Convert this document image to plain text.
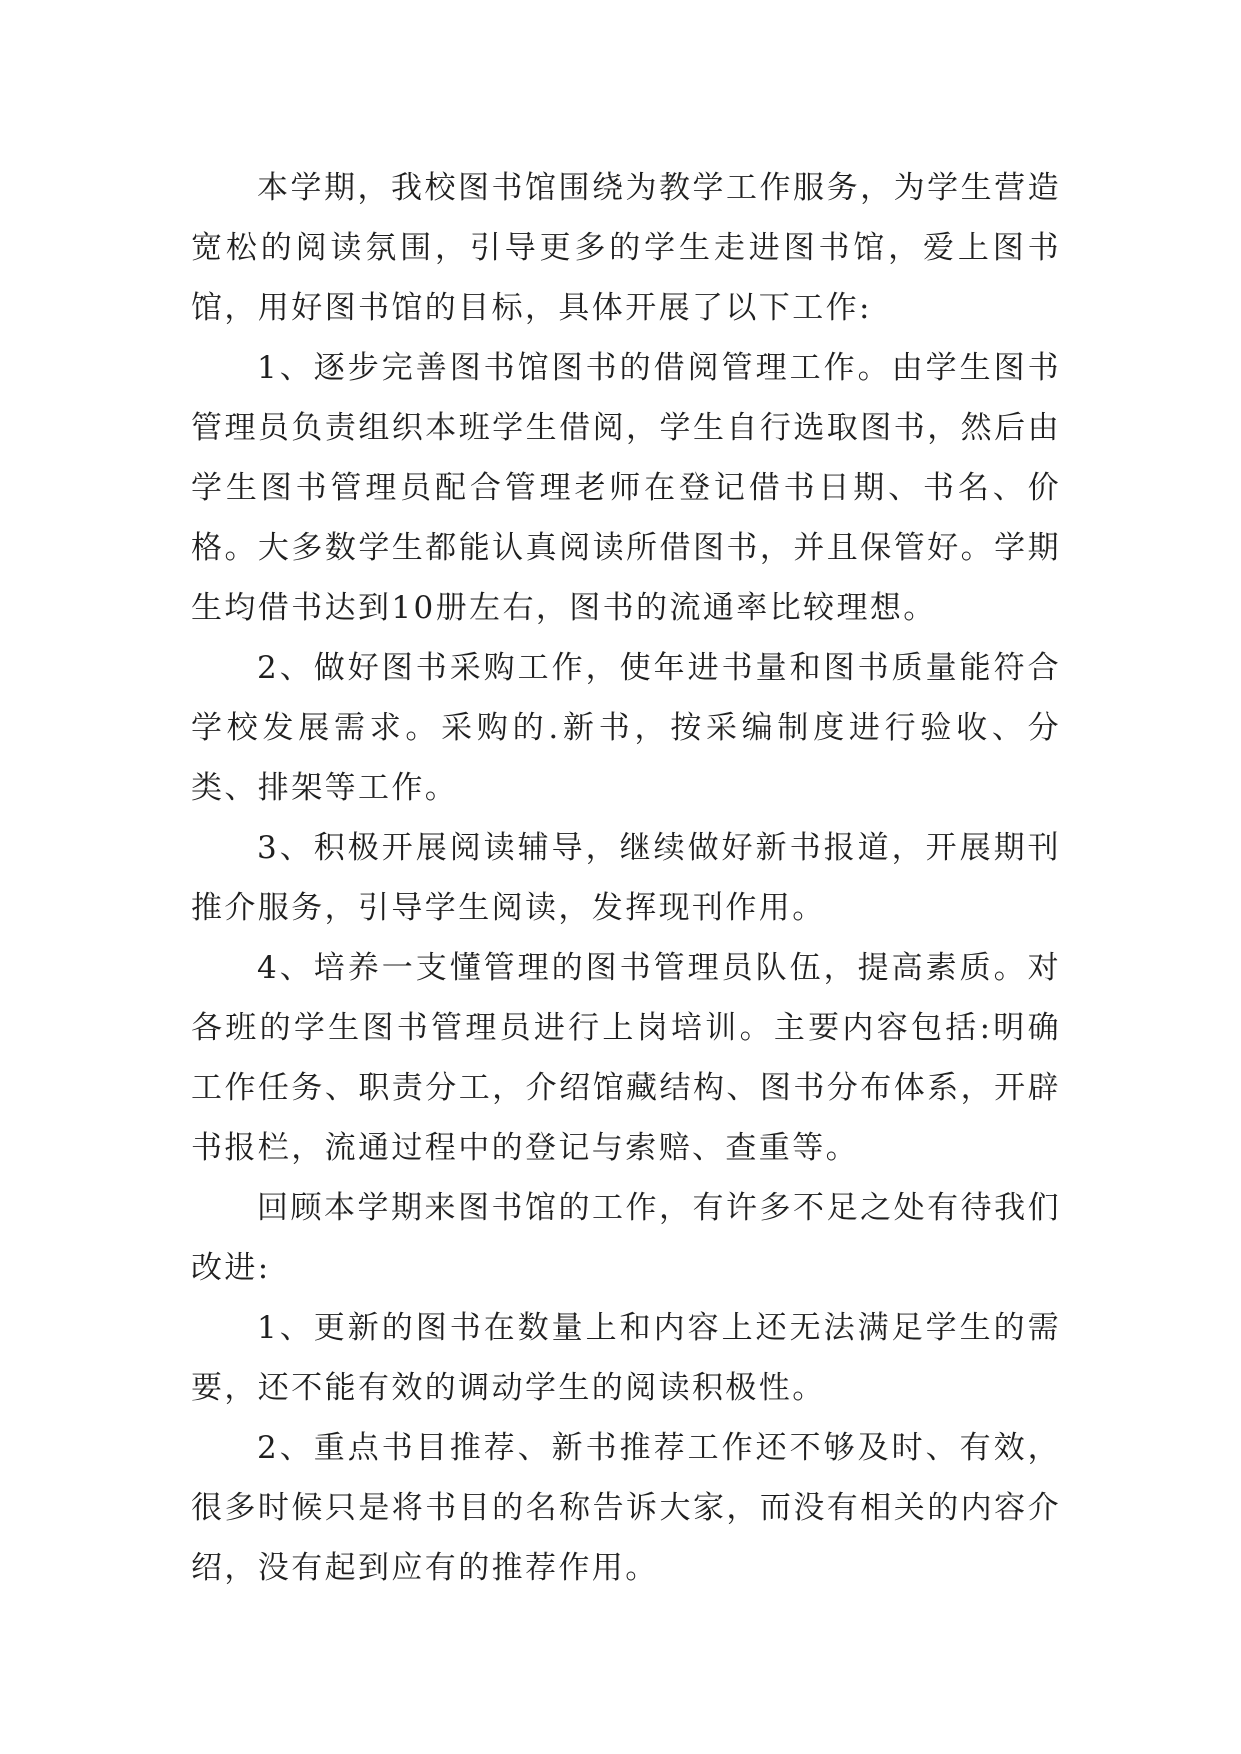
本学期，我校图书馆围绕为教学工作服务，为学生营造宽松的阅读氛围，引导更多的学生走进图书馆，爱上图书馆，用好图书馆的目标，具体开展了以下工作:

1、逐步完善图书馆图书的借阅管理工作。由学生图书管理员负责组织本班学生借阅，学生自行选取图书，然后由学生图书管理员配合管理老师在登记借书日期、书名、价格。大多数学生都能认真阅读所借图书，并且保管好。学期生均借书达到10册左右，图书的流通率比较理想。

2、做好图书采购工作，使年进书量和图书质量能符合学校发展需求。采购的.新书，按采编制度进行验收、分类、排架等工作。

3、积极开展阅读辅导，继续做好新书报道，开展期刊推介服务，引导学生阅读，发挥现刊作用。

4、培养一支懂管理的图书管理员队伍，提高素质。对各班的学生图书管理员进行上岗培训。主要内容包括:明确工作任务、职责分工，介绍馆藏结构、图书分布体系，开辟书报栏，流通过程中的登记与索赔、查重等。

回顾本学期来图书馆的工作，有许多不足之处有待我们改进:

1、更新的图书在数量上和内容上还无法满足学生的需要，还不能有效的调动学生的阅读积极性。

2、重点书目推荐、新书推荐工作还不够及时、有效，很多时候只是将书目的名称告诉大家，而没有相关的内容介绍，没有起到应有的推荐作用。
